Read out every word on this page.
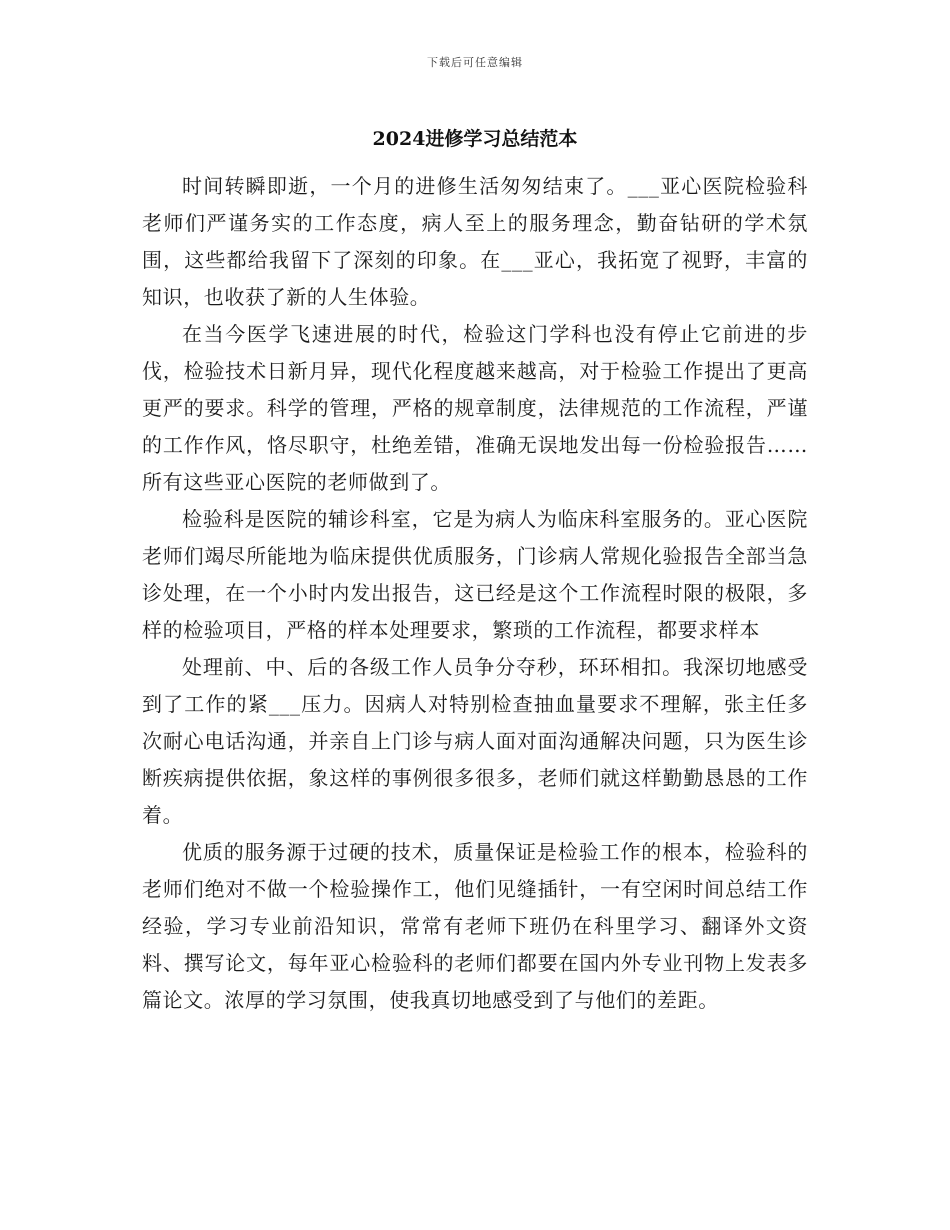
下载后可任意编辑
2024进修学习总结范本

时间转瞬即逝，一个月的进修生活匆匆结束了。___亚心医院检验科老师们严谨务实的工作态度，病人至上的服务理念，勤奋钻研的学术氛围，这些都给我留下了深刻的印象。在___亚心，我拓宽了视野，丰富的知识，也收获了新的人生体验。

在当今医学飞速进展的时代，检验这门学科也没有停止它前进的步伐，检验技术日新月异，现代化程度越来越高，对于检验工作提出了更高更严的要求。科学的管理，严格的规章制度，法律规范的工作流程，严谨的工作作风，恪尽职守，杜绝差错，准确无误地发出每一份检验报告……所有这些亚心医院的老师做到了。

检验科是医院的辅诊科室，它是为病人为临床科室服务的。亚心医院老师们竭尽所能地为临床提供优质服务，门诊病人常规化验报告全部当急诊处理，在一个小时内发出报告，这已经是这个工作流程时限的极限，多样的检验项目，严格的样本处理要求，繁琐的工作流程，都要求样本

处理前、中、后的各级工作人员争分夺秒，环环相扣。我深切地感受到了工作的紧___压力。因病人对特别检查抽血量要求不理解，张主任多次耐心电话沟通，并亲自上门诊与病人面对面沟通解决问题，只为医生诊断疾病提供依据，象这样的事例很多很多，老师们就这样勤勤恳恳的工作着。

优质的服务源于过硬的技术，质量保证是检验工作的根本，检验科的老师们绝对不做一个检验操作工，他们见缝插针，一有空闲时间总结工作经验，学习专业前沿知识，常常有老师下班仍在科里学习、翻译外文资料、撰写论文，每年亚心检验科的老师们都要在国内外专业刊物上发表多篇论文。浓厚的学习氛围，使我真切地感受到了与他们的差距。
